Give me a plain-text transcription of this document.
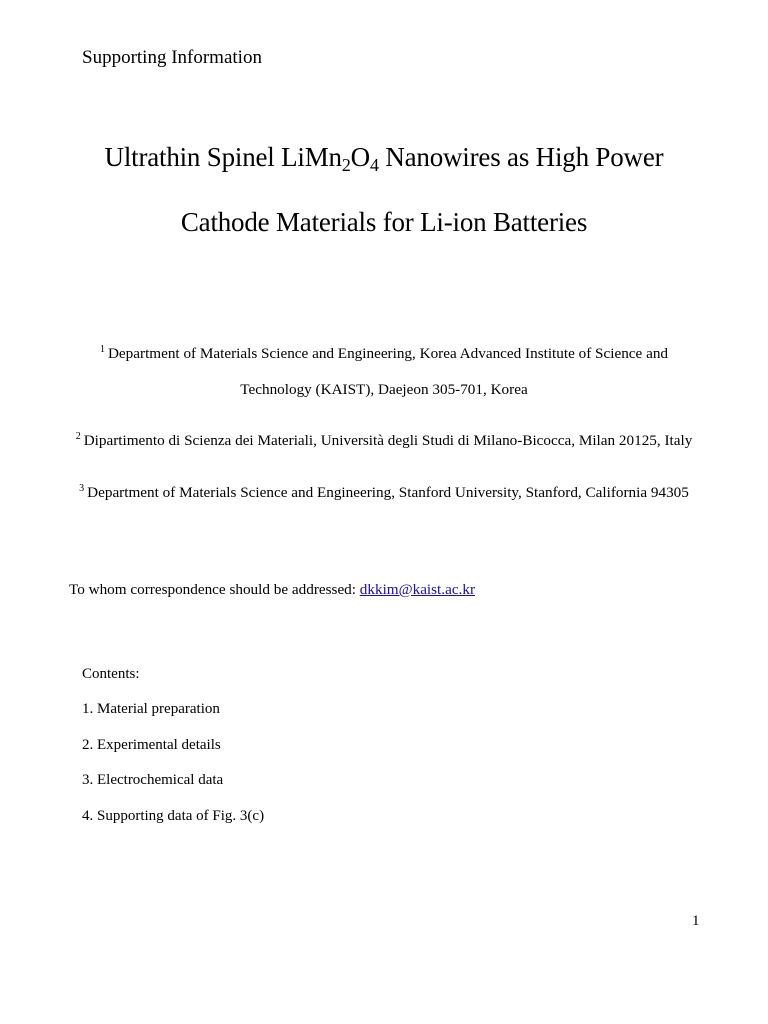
Supporting Information
Ultrathin Spinel $LiMn_2O_4$ Nanowires as High Power
Cathode Materials for Li-ion Batteries
$^1$ Department of Materials Science and Engineering, Korea Advanced Institute of Science and
Technology (KAIST), Daejeon 305-701, Korea
$^2$ Dipartimento di Scienza dei Materiali, Università degli Studi di Milano-Bicocca, Milan 20125, Italy
$^3$ Department of Materials Science and Engineering, Stanford University, Stanford, California 94305
To whom correspondence should be addressed: dkkim@kaist.ac.kr
Contents:
1. Material preparation
2. Experimental details
3. Electrochemical data
4. Supporting data of Fig. 3(c)
1
